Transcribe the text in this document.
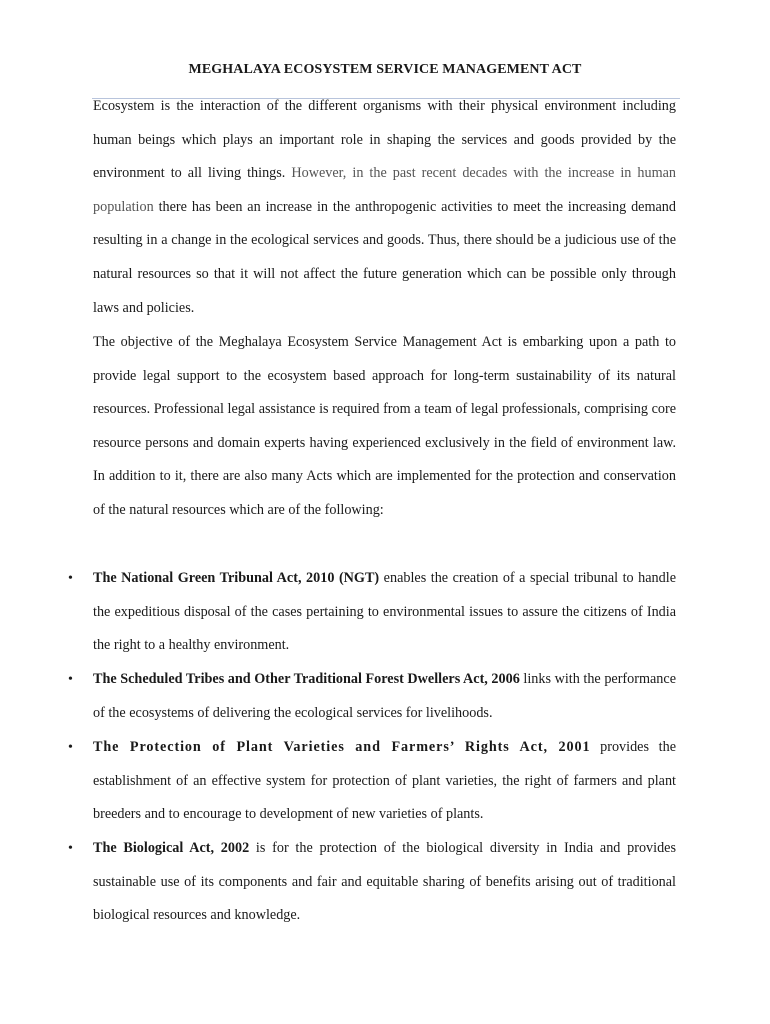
MEGHALAYA ECOSYSTEM SERVICE MANAGEMENT ACT

Ecosystem is the interaction of the different organisms with their physical environment including human beings which plays an important role in shaping the services and goods provided by the environment to all living things. However, in the past recent decades with the increase in human population there has been an increase in the anthropogenic activities to meet the increasing demand resulting in a change in the ecological services and goods. Thus, there should be a judicious use of the natural resources so that it will not affect the future generation which can be possible only through laws and policies.

The objective of the Meghalaya Ecosystem Service Management Act is embarking upon a path to provide legal support to the ecosystem based approach for long-term sustainability of its natural resources. Professional legal assistance is required from a team of legal professionals, comprising core resource persons and domain experts having experienced exclusively in the field of environment law. In addition to it, there are also many Acts which are implemented for the protection and conservation of the natural resources which are of the following:

• The National Green Tribunal Act, 2010 (NGT) enables the creation of a special tribunal to handle the expeditious disposal of the cases pertaining to environmental issues to assure the citizens of India the right to a healthy environment.
• The Scheduled Tribes and Other Traditional Forest Dwellers Act, 2006 links with the performance of the ecosystems of delivering the ecological services for livelihoods.
• The Protection of Plant Varieties and Farmers’ Rights Act, 2001 provides the establishment of an effective system for protection of plant varieties, the right of farmers and plant breeders and to encourage to development of new varieties of plants.
• The Biological Act, 2002 is for the protection of the biological diversity in India and provides sustainable use of its components and fair and equitable sharing of benefits arising out of traditional biological resources and knowledge.
